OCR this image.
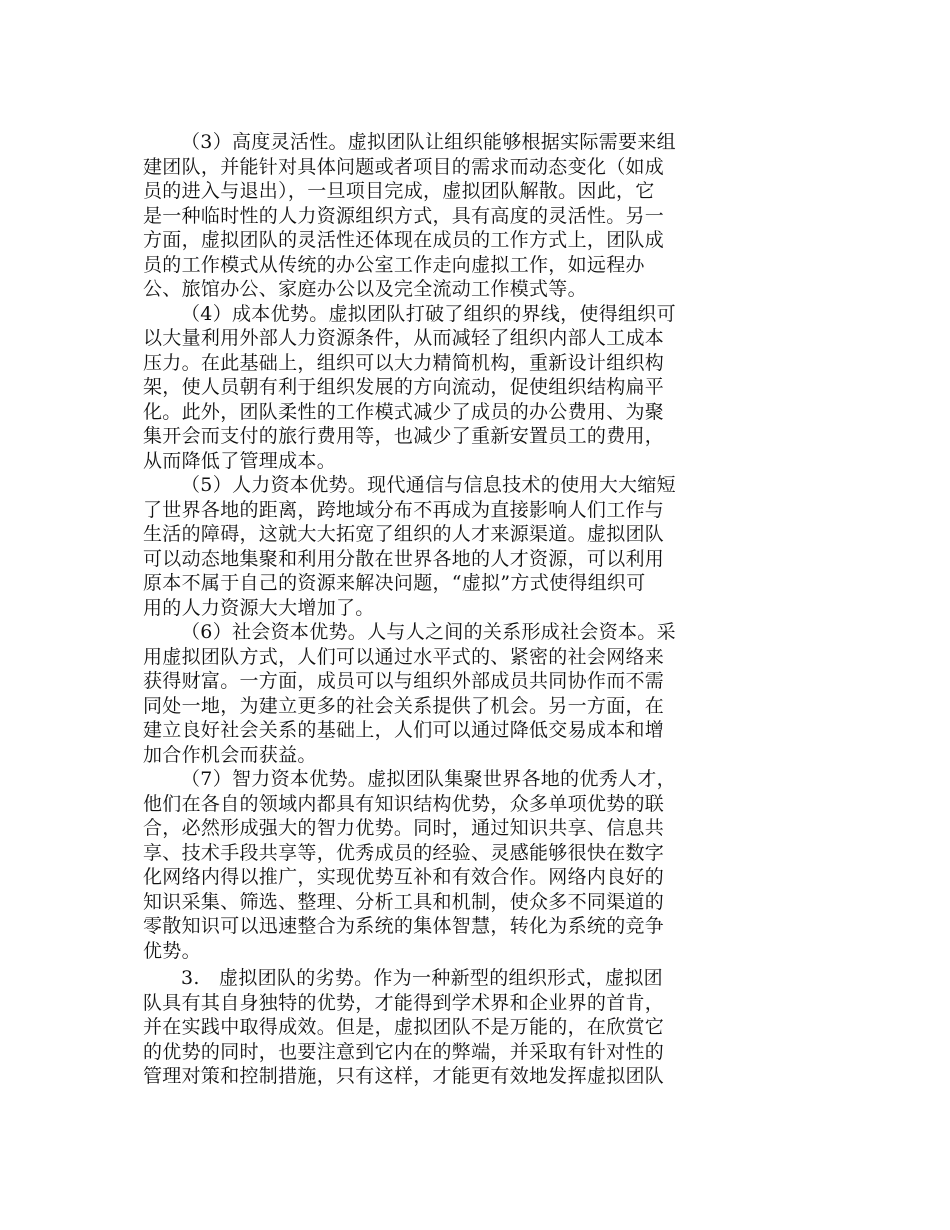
（3）高度灵活性。虚拟团队让组织能够根据实际需要来组
建团队，并能针对具体问题或者项目的需求而动态变化（如成
员的进入与退出），一旦项目完成，虚拟团队解散。因此，它
是一种临时性的人力资源组织方式，具有高度的灵活性。另一
方面，虚拟团队的灵活性还体现在成员的工作方式上，团队成
员的工作模式从传统的办公室工作走向虚拟工作，如远程办
公、旅馆办公、家庭办公以及完全流动工作模式等。
（4）成本优势。虚拟团队打破了组织的界线，使得组织可
以大量利用外部人力资源条件，从而减轻了组织内部人工成本
压力。在此基础上，组织可以大力精简机构，重新设计组织构
架，使人员朝有利于组织发展的方向流动，促使组织结构扁平
化。此外，团队柔性的工作模式减少了成员的办公费用、为聚
集开会而支付的旅行费用等，也减少了重新安置员工的费用，
从而降低了管理成本。
（5）人力资本优势。现代通信与信息技术的使用大大缩短
了世界各地的距离，跨地域分布不再成为直接影响人们工作与
生活的障碍，这就大大拓宽了组织的人才来源渠道。虚拟团队
可以动态地集聚和利用分散在世界各地的人才资源，可以利用
原本不属于自己的资源来解决问题，“虚拟”方式使得组织可
用的人力资源大大增加了。
（6）社会资本优势。人与人之间的关系形成社会资本。采
用虚拟团队方式，人们可以通过水平式的、紧密的社会网络来
获得财富。一方面，成员可以与组织外部成员共同协作而不需
同处一地，为建立更多的社会关系提供了机会。另一方面，在
建立良好社会关系的基础上，人们可以通过降低交易成本和增
加合作机会而获益。
（7）智力资本优势。虚拟团队集聚世界各地的优秀人才，
他们在各自的领域内都具有知识结构优势，众多单项优势的联
合，必然形成强大的智力优势。同时，通过知识共享、信息共
享、技术手段共享等，优秀成员的经验、灵感能够很快在数字
化网络内得以推广，实现优势互补和有效合作。网络内良好的
知识采集、筛选、整理、分析工具和机制，使众多不同渠道的
零散知识可以迅速整合为系统的集体智慧，转化为系统的竞争
优势。
3.　虚拟团队的劣势。作为一种新型的组织形式，虚拟团
队具有其自身独特的优势，才能得到学术界和企业界的首肯，
并在实践中取得成效。但是，虚拟团队不是万能的，在欣赏它
的优势的同时，也要注意到它内在的弊端，并采取有针对性的
管理对策和控制措施，只有这样，才能更有效地发挥虚拟团队
